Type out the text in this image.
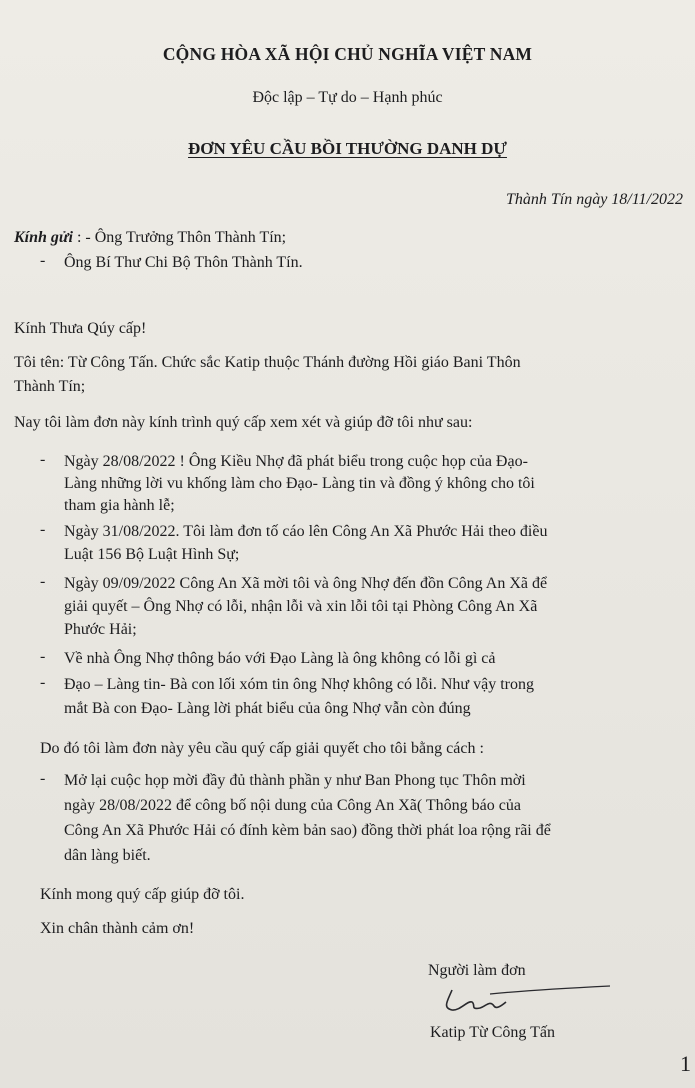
CỘNG HÒA XÃ HỘI CHỦ NGHĨA VIỆT NAM

Độc lập – Tự do – Hạnh phúc

ĐƠN YÊU CẦU BỒI THƯỜNG DANH DỰ

Thành Tín ngày 18/11/2022

Kính gửi : - Ông Trưởng Thôn Thành Tín;

- Ông Bí Thư Chi Bộ Thôn Thành Tín.

Kính Thưa Qúy cấp!

Tôi tên: Từ Công Tấn. Chức sắc Katip thuộc Thánh đường Hồi giáo Bani Thôn

Thành Tín;

Nay tôi làm đơn này kính trình quý cấp xem xét và giúp đỡ tôi như sau:

- Ngày 28/08/2022 ! Ông Kiều Nhợ đã phát biểu trong cuộc họp của Đạo-

Làng những lời vu khống làm cho Đạo- Làng tin và đồng ý không cho tôi

tham gia hành lễ;

- Ngày 31/08/2022. Tôi làm đơn tố cáo lên Công An Xã Phước Hải theo điều

Luật 156 Bộ Luật Hình Sự;

- Ngày 09/09/2022 Công An Xã mời tôi và ông Nhợ đến đồn Công An Xã để

giải quyết – Ông Nhợ có lỗi, nhận lỗi và xin lỗi tôi tại Phòng Công An Xã

Phước Hải;

- Về nhà Ông Nhợ thông báo với Đạo Làng là ông không có lỗi gì cả

- Đạo – Làng tin- Bà con lối xóm tin ông Nhợ không có lỗi. Như vậy trong

mắt Bà con Đạo- Làng lời phát biểu của ông Nhợ vẫn còn đúng

Do đó tôi làm đơn này yêu cầu quý cấp giải quyết cho tôi bằng cách :

- Mở lại cuộc họp mời đầy đủ thành phần y như Ban Phong tục Thôn mời

ngày 28/08/2022 để công bố nội dung của Công An Xã( Thông báo của

Công An Xã Phước Hải có đính kèm bản sao) đồng thời phát loa rộng rãi để

dân làng biết.

Kính mong quý cấp giúp đỡ tôi.

Xin chân thành cảm ơn!

Người làm đơn

Katip Từ Công Tấn

1
